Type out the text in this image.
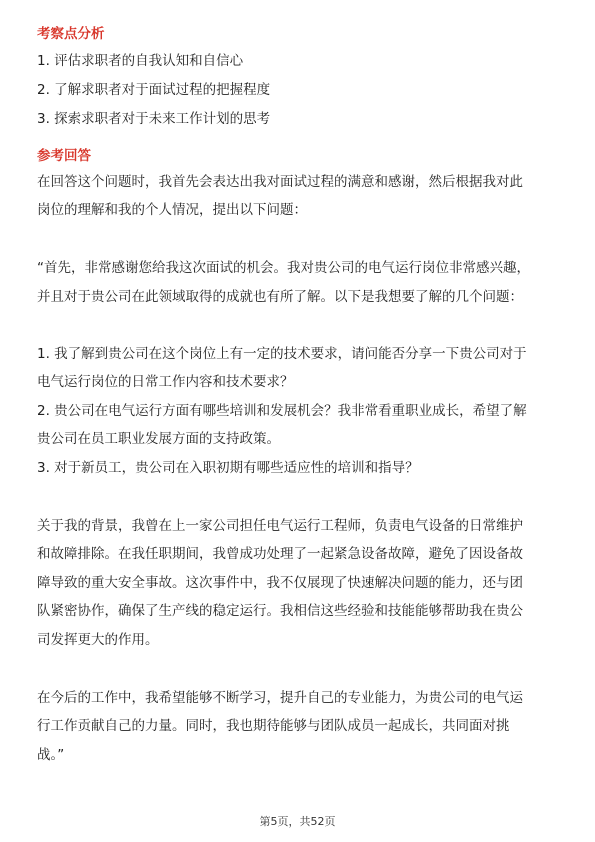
考察点分析
1. 评估求职者的自我认知和自信心
2. 了解求职者对于面试过程的把握程度
3. 探索求职者对于未来工作计划的思考
参考回答
在回答这个问题时，我首先会表达出我对面试过程的满意和感谢，然后根据我对此
岗位的理解和我的个人情况，提出以下问题：
“首先，非常感谢您给我这次面试的机会。我对贵公司的电气运行岗位非常感兴趣，
并且对于贵公司在此领域取得的成就也有所了解。以下是我想要了解的几个问题：
1. 我了解到贵公司在这个岗位上有一定的技术要求，请问能否分享一下贵公司对于
电气运行岗位的日常工作内容和技术要求？
2. 贵公司在电气运行方面有哪些培训和发展机会？我非常看重职业成长，希望了解
贵公司在员工职业发展方面的支持政策。
3. 对于新员工，贵公司在入职初期有哪些适应性的培训和指导？
关于我的背景，我曾在上一家公司担任电气运行工程师，负责电气设备的日常维护
和故障排除。在我任职期间，我曾成功处理了一起紧急设备故障，避免了因设备故
障导致的重大安全事故。这次事件中，我不仅展现了快速解决问题的能力，还与团
队紧密协作，确保了生产线的稳定运行。我相信这些经验和技能能够帮助我在贵公
司发挥更大的作用。
在今后的工作中，我希望能够不断学习，提升自己的专业能力，为贵公司的电气运
行工作贡献自己的力量。同时，我也期待能够与团队成员一起成长，共同面对挑
战。”
第5页，共52页
